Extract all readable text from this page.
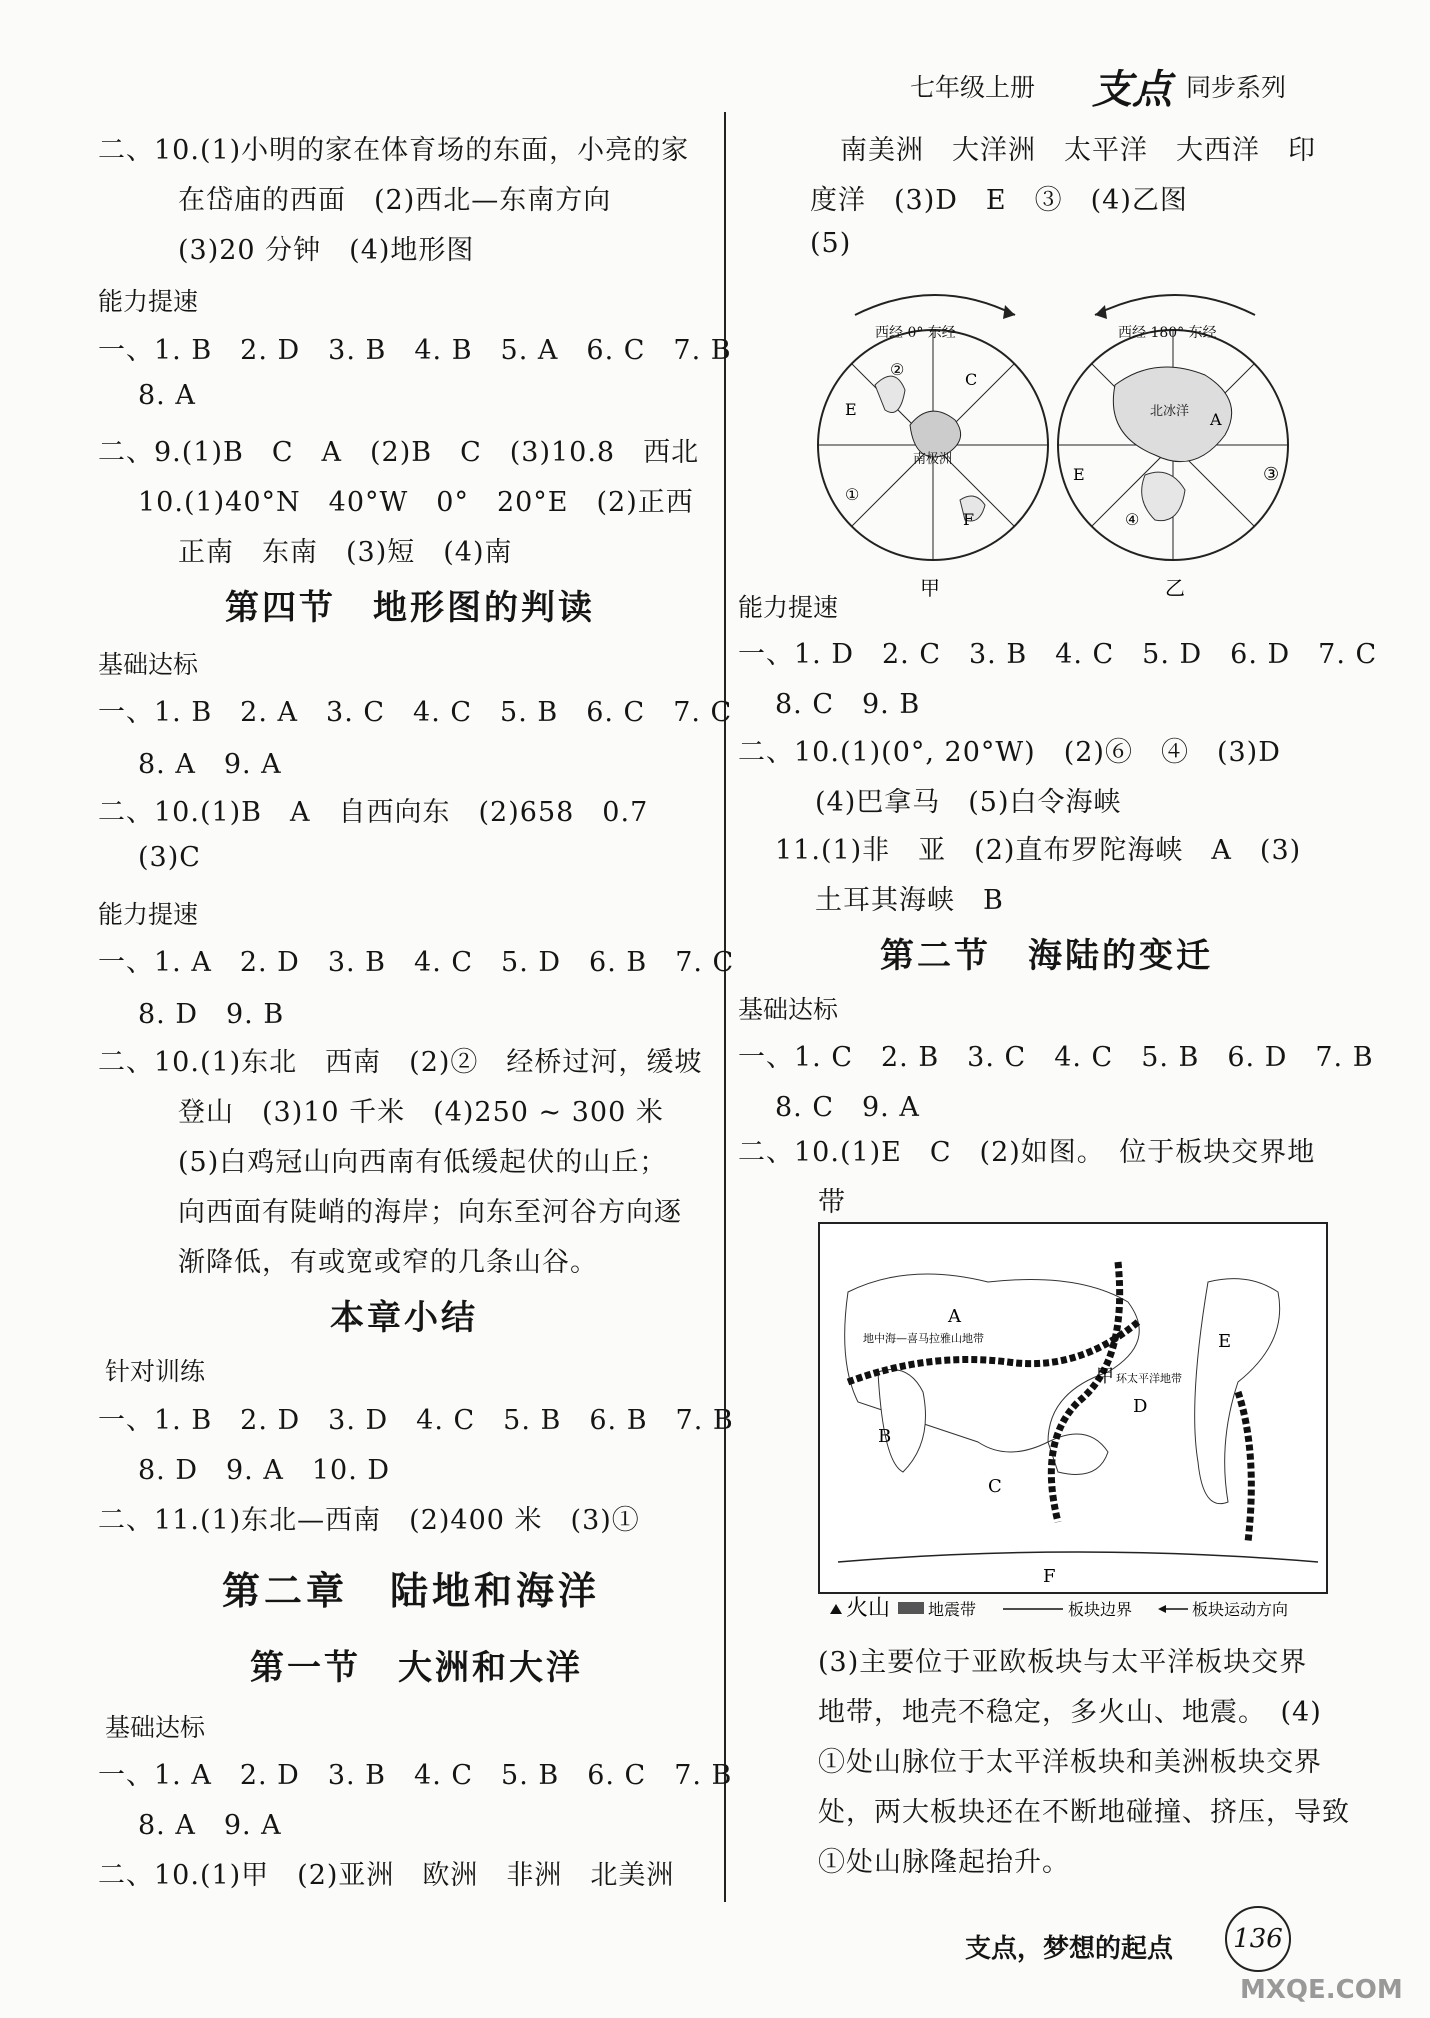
七年级上册 支点 同步系列
二、10.(1)小明的家在体育场的东面，小亮的家
在岱庙的西面　(2)西北—东南方向
(3)20 分钟　(4)地形图
能力提速
一、1. B　2. D　3. B　4. B　5. A　6. C　7. B
8. A
二、9.(1)B　C　A　(2)B　C　(3)10.8　西北
10.(1)40°N　40°W　0°　20°E　(2)正西
正南　东南　(3)短　(4)南
第四节　地形图的判读
基础达标
一、1. B　2. A　3. C　4. C　5. B　6. C　7. C
8. A　9. A
二、10.(1)B　A　自西向东　(2)658　0.7
(3)C
能力提速
一、1. A　2. D　3. B　4. C　5. D　6. B　7. C
8. D　9. B
二、10.(1)东北　西南　(2)②　经桥过河，缓坡
登山　(3)10 千米　(4)250 ~ 300 米
(5)白鸡冠山向西南有低缓起伏的山丘；
向西面有陡峭的海岸；向东至河谷方向逐
渐降低，有或宽或窄的几条山谷。
本章小结
针对训练
一、1. B　2. D　3. D　4. C　5. B　6. B　7. B
8. D　9. A　10. D
二、11.(1)东北—西南　(2)400 米　(3)①
第二章　陆地和海洋
第一节　大洲和大洋
基础达标
一、1. A　2. D　3. B　4. C　5. B　6. C　7. B
8. A　9. A
二、10.(1)甲　(2)亚洲　欧洲　非洲　北美洲
南美洲　大洋洲　太平洋　大西洋　印
度洋　(3)D　E　③　(4)乙图
(5)
西经 0° 东经	西经 180° 东经
南极洲
北冰洋
②
C
E
①
F
A
E	③
④
甲	乙
能力提速
一、1. D　2. C　3. B　4. C　5. D　6. D　7. C
8. C　9. B
二、10.(1)(0°, 20°W)　(2)⑥　④　(3)D
(4)巴拿马　(5)白令海峡
11.(1)非　亚　(2)直布罗陀海峡　A　(3)
土耳其海峡　B
第二节　海陆的变迁
基础达标
一、1. C　2. B　3. C　4. C　5. B　6. D　7. B
8. C　9. A
二、10.(1)E　C　(2)如图。　位于板块交界地
带
A
B
C
D
E
F
甲
地中海—喜马拉雅山地带
环太平洋地带
火山 地震带	板块边界	板块运动方向
(3)主要位于亚欧板块与太平洋板块交界
地带，地壳不稳定，多火山、地震。　(4)
①处山脉位于太平洋板块和美洲板块交界
处，两大板块还在不断地碰撞、挤压，导致
①处山脉隆起抬升。
支点，梦想的起点	136
MXQE.COM
